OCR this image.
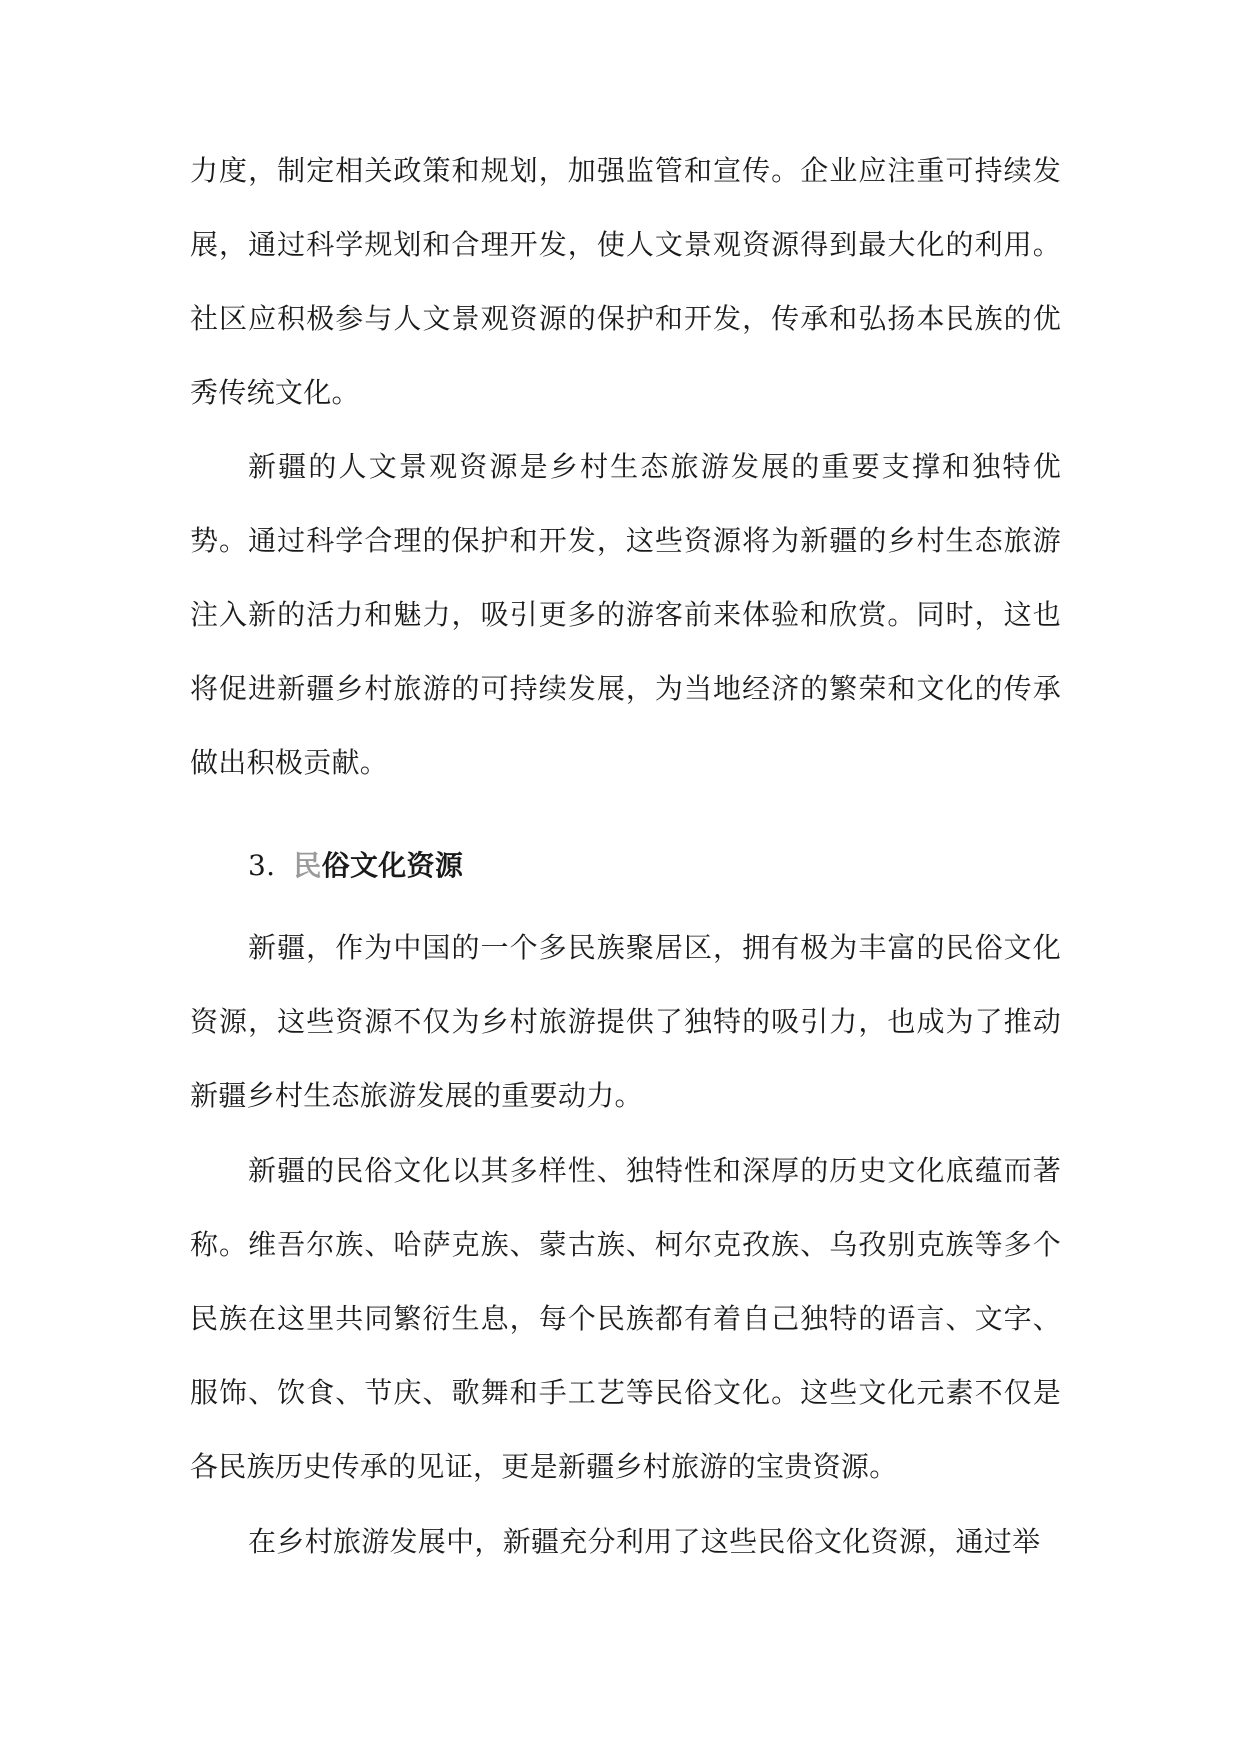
力度，制定相关政策和规划，加强监管和宣传。企业应注重可持续发展，通过科学规划和合理开发，使人文景观资源得到最大化的利用。社区应积极参与人文景观资源的保护和开发，传承和弘扬本民族的优秀传统文化。

新疆的人文景观资源是乡村生态旅游发展的重要支撑和独特优势。通过科学合理的保护和开发，这些资源将为新疆的乡村生态旅游注入新的活力和魅力，吸引更多的游客前来体验和欣赏。同时，这也将促进新疆乡村旅游的可持续发展，为当地经济的繁荣和文化的传承做出积极贡献。

3. 民俗文化资源

新疆，作为中国的一个多民族聚居区，拥有极为丰富的民俗文化资源，这些资源不仅为乡村旅游提供了独特的吸引力，也成为了推动新疆乡村生态旅游发展的重要动力。

新疆的民俗文化以其多样性、独特性和深厚的历史文化底蕴而著称。维吾尔族、哈萨克族、蒙古族、柯尔克孜族、乌孜别克族等多个民族在这里共同繁衍生息，每个民族都有着自己独特的语言、文字、服饰、饮食、节庆、歌舞和手工艺等民俗文化。这些文化元素不仅是各民族历史传承的见证，更是新疆乡村旅游的宝贵资源。

在乡村旅游发展中，新疆充分利用了这些民俗文化资源，通过举
